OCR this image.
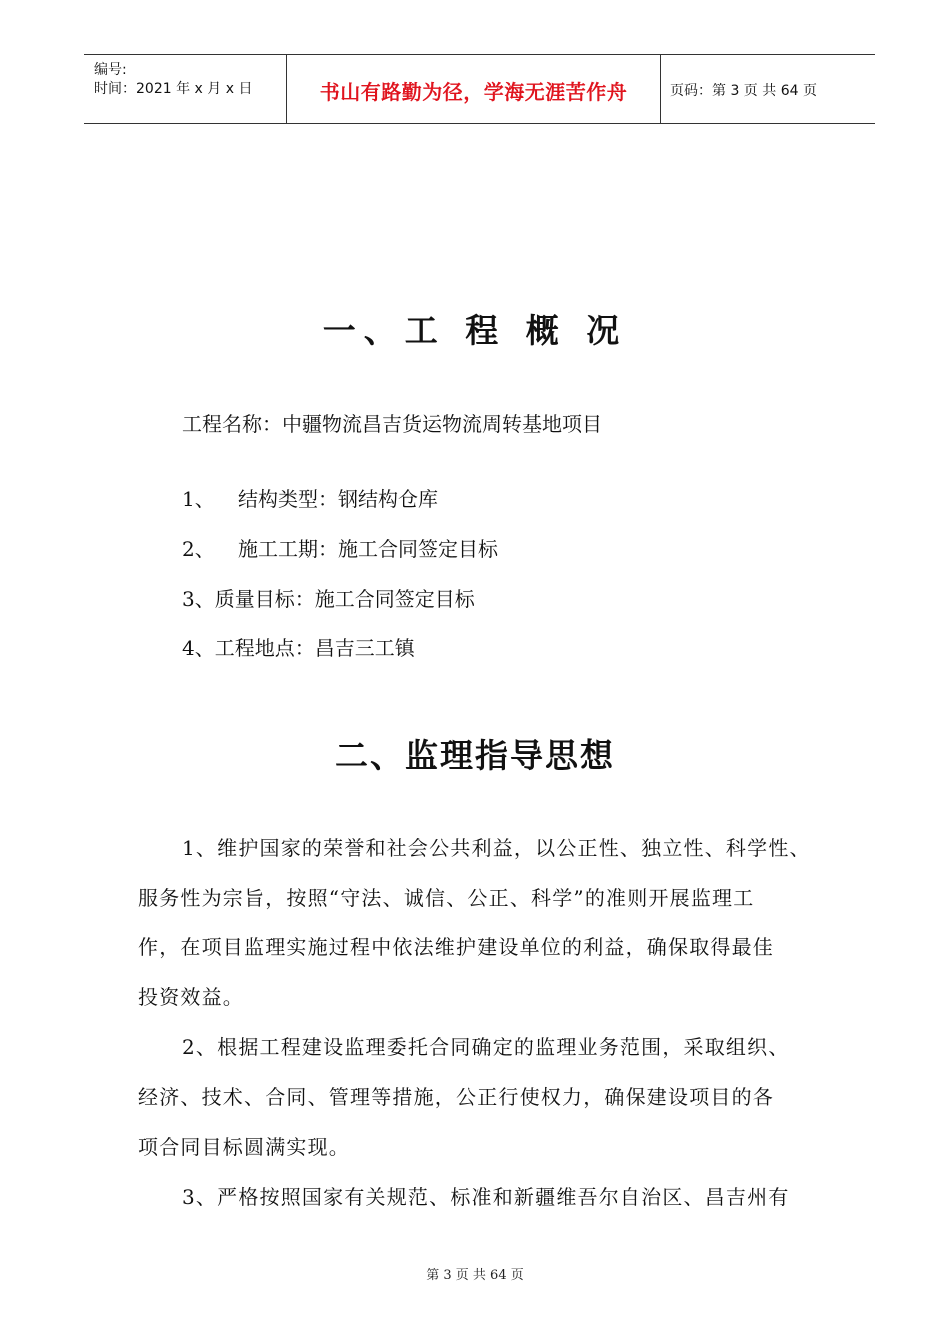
编号:
时间：2021 年 x 月 x 日	书山有路勤为径，学海无涯苦作舟	页码：第 3 页 共 64 页
一、工 程 概 况
工程名称：中疆物流昌吉货运物流周转基地项目
1、 结构类型：钢结构仓库
2、 施工工期：施工合同签定目标
3、质量目标：施工合同签定目标
4、工程地点：昌吉三工镇
二、监理指导思想
1、维护国家的荣誉和社会公共利益，以公正性、独立性、科学性、
服务性为宗旨，按照“守法、诚信、公正、科学”的准则开展监理工
作，在项目监理实施过程中依法维护建设单位的利益，确保取得最佳
投资效益。
2、根据工程建设监理委托合同确定的监理业务范围，采取组织、
经济、技术、合同、管理等措施，公正行使权力，确保建设项目的各
项合同目标圆满实现。
3、严格按照国家有关规范、标准和新疆维吾尔自治区、昌吉州有
第 3 页 共 64 页
